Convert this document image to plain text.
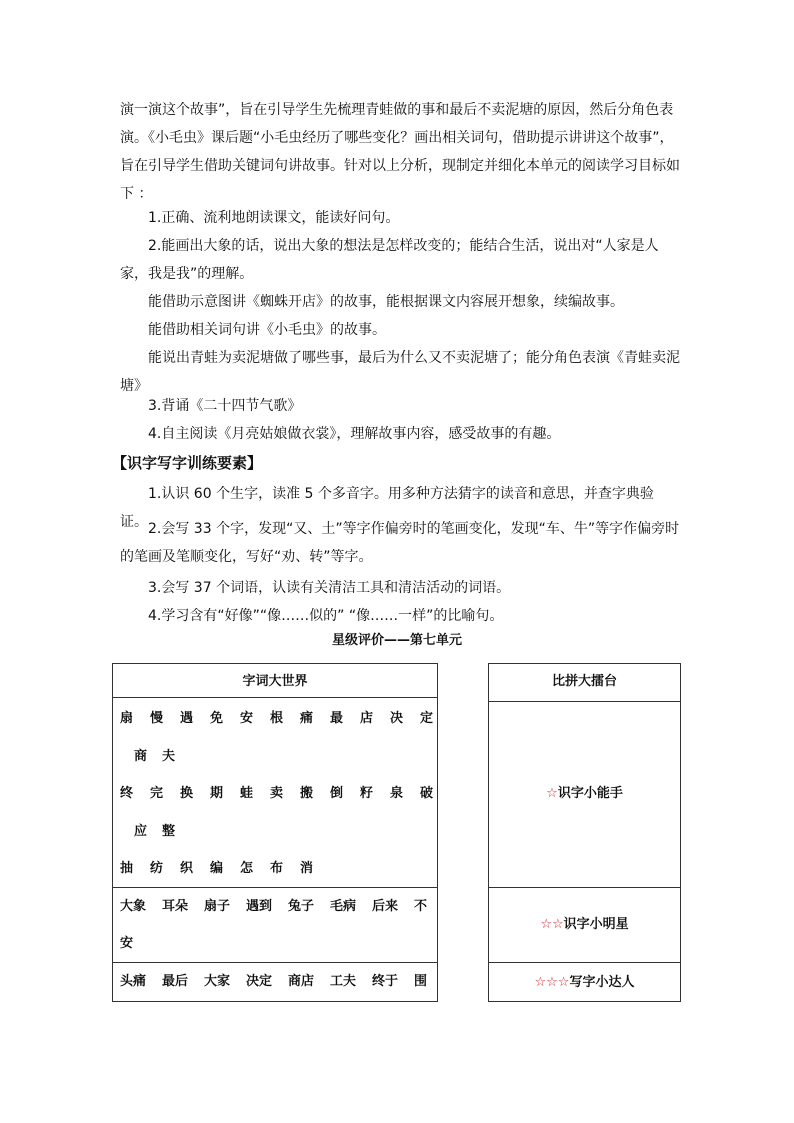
演一演这个故事”，旨在引导学生先梳理青蛙做的事和最后不卖泥塘的原因，然后分角色表演。《小毛虫》课后题“小毛虫经历了哪些变化？画出相关词句，借助提示讲讲这个故事”，旨在引导学生借助关键词句讲故事。针对以上分析，现制定并细化本单元的阅读学习目标如下 ：

1.正确、流利地朗读课文，能读好问句。

2.能画出大象的话，说出大象的想法是怎样改变的；能结合生活，说出对“人家是人家，我是我”的理解。

能借助示意图讲《蜘蛛开店》的故事，能根据课文内容展开想象，续编故事。

能借助相关词句讲《小毛虫》的故事。

能说出青蛙为卖泥塘做了哪些事，最后为什么又不卖泥塘了；能分角色表演《青蛙卖泥塘》

3.背诵《二十四节气歌》

4.自主阅读《月亮姑娘做衣裳》，理解故事内容，感受故事的有趣。

【识字写字训练要素】

1.认识 60 个生字，读准 5 个多音字。用多种方法猜字的读音和意思，并查字典验证。 2.会写 33 个字，发现“又、土”等字作偏旁时的笔画变化，发现“车、牛”等字作偏旁时的笔画及笔顺变化，写好“劝、转”等字。

3.会写 37 个词语，认读有关清洁工具和清洁活动的词语。

4.学习含有“好像”“像……似的” “像……一样”的比喻句。

星级评价——第七单元
字词大世界
扇 慢 遇 免 安 根 痛 最 店 决 定
商 夫
终 完 换 期 蛙 卖 搬 倒 籽 泉 破
应 整
抽 纺 织 编 怎 布 消
大象 耳朵 扇子 遇到 兔子 毛病 后来 不
安
头痛 最后 大家 决定 商店 工夫 终于 围
比拼大擂台
☆识字小能手
☆☆识字小明星
☆☆☆写字小达人
